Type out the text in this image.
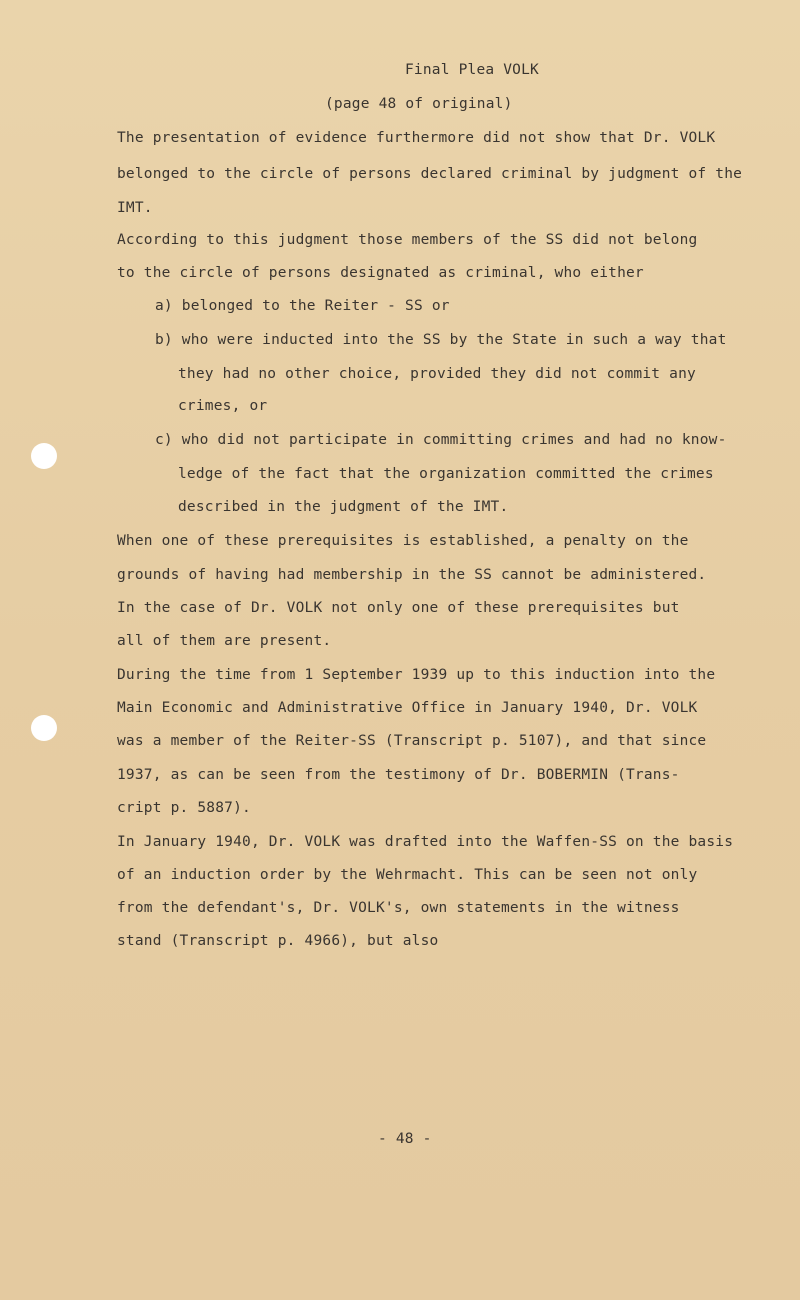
Final Plea VOLK
(page 48 of original)
The presentation of evidence furthermore did not show that Dr. VOLK
belonged to the circle of persons declared criminal by judgment of the
IMT.
According to this judgment those members of the SS did not belong
to the circle of persons designated as criminal, who either
a) belonged to the Reiter - SS or
b) who were inducted into the SS by the State in such a way that
they had no other choice, provided they did not commit any
crimes, or
c) who did not participate in committing crimes and had no know-
ledge of the fact that the organization committed the crimes
described in the judgment of the IMT.
When one of these prerequisites is established, a penalty on the
grounds of having had membership in the SS cannot be administered.
In the case of Dr. VOLK not only one of these prerequisites but
all of them are present.
During the time from 1 September 1939 up to this induction into the
Main Economic and Administrative Office in January 1940, Dr. VOLK
was a member of the Reiter-SS (Transcript p. 5107), and that since
1937, as can be seen from the testimony of Dr. BOBERMIN (Trans-
cript p. 5887).
In January 1940, Dr. VOLK was drafted into the Waffen-SS on the basis
of an induction order by the Wehrmacht. This can be seen not only
from the defendant's, Dr. VOLK's, own statements in the witness
stand (Transcript p. 4966), but also
- 48 -
